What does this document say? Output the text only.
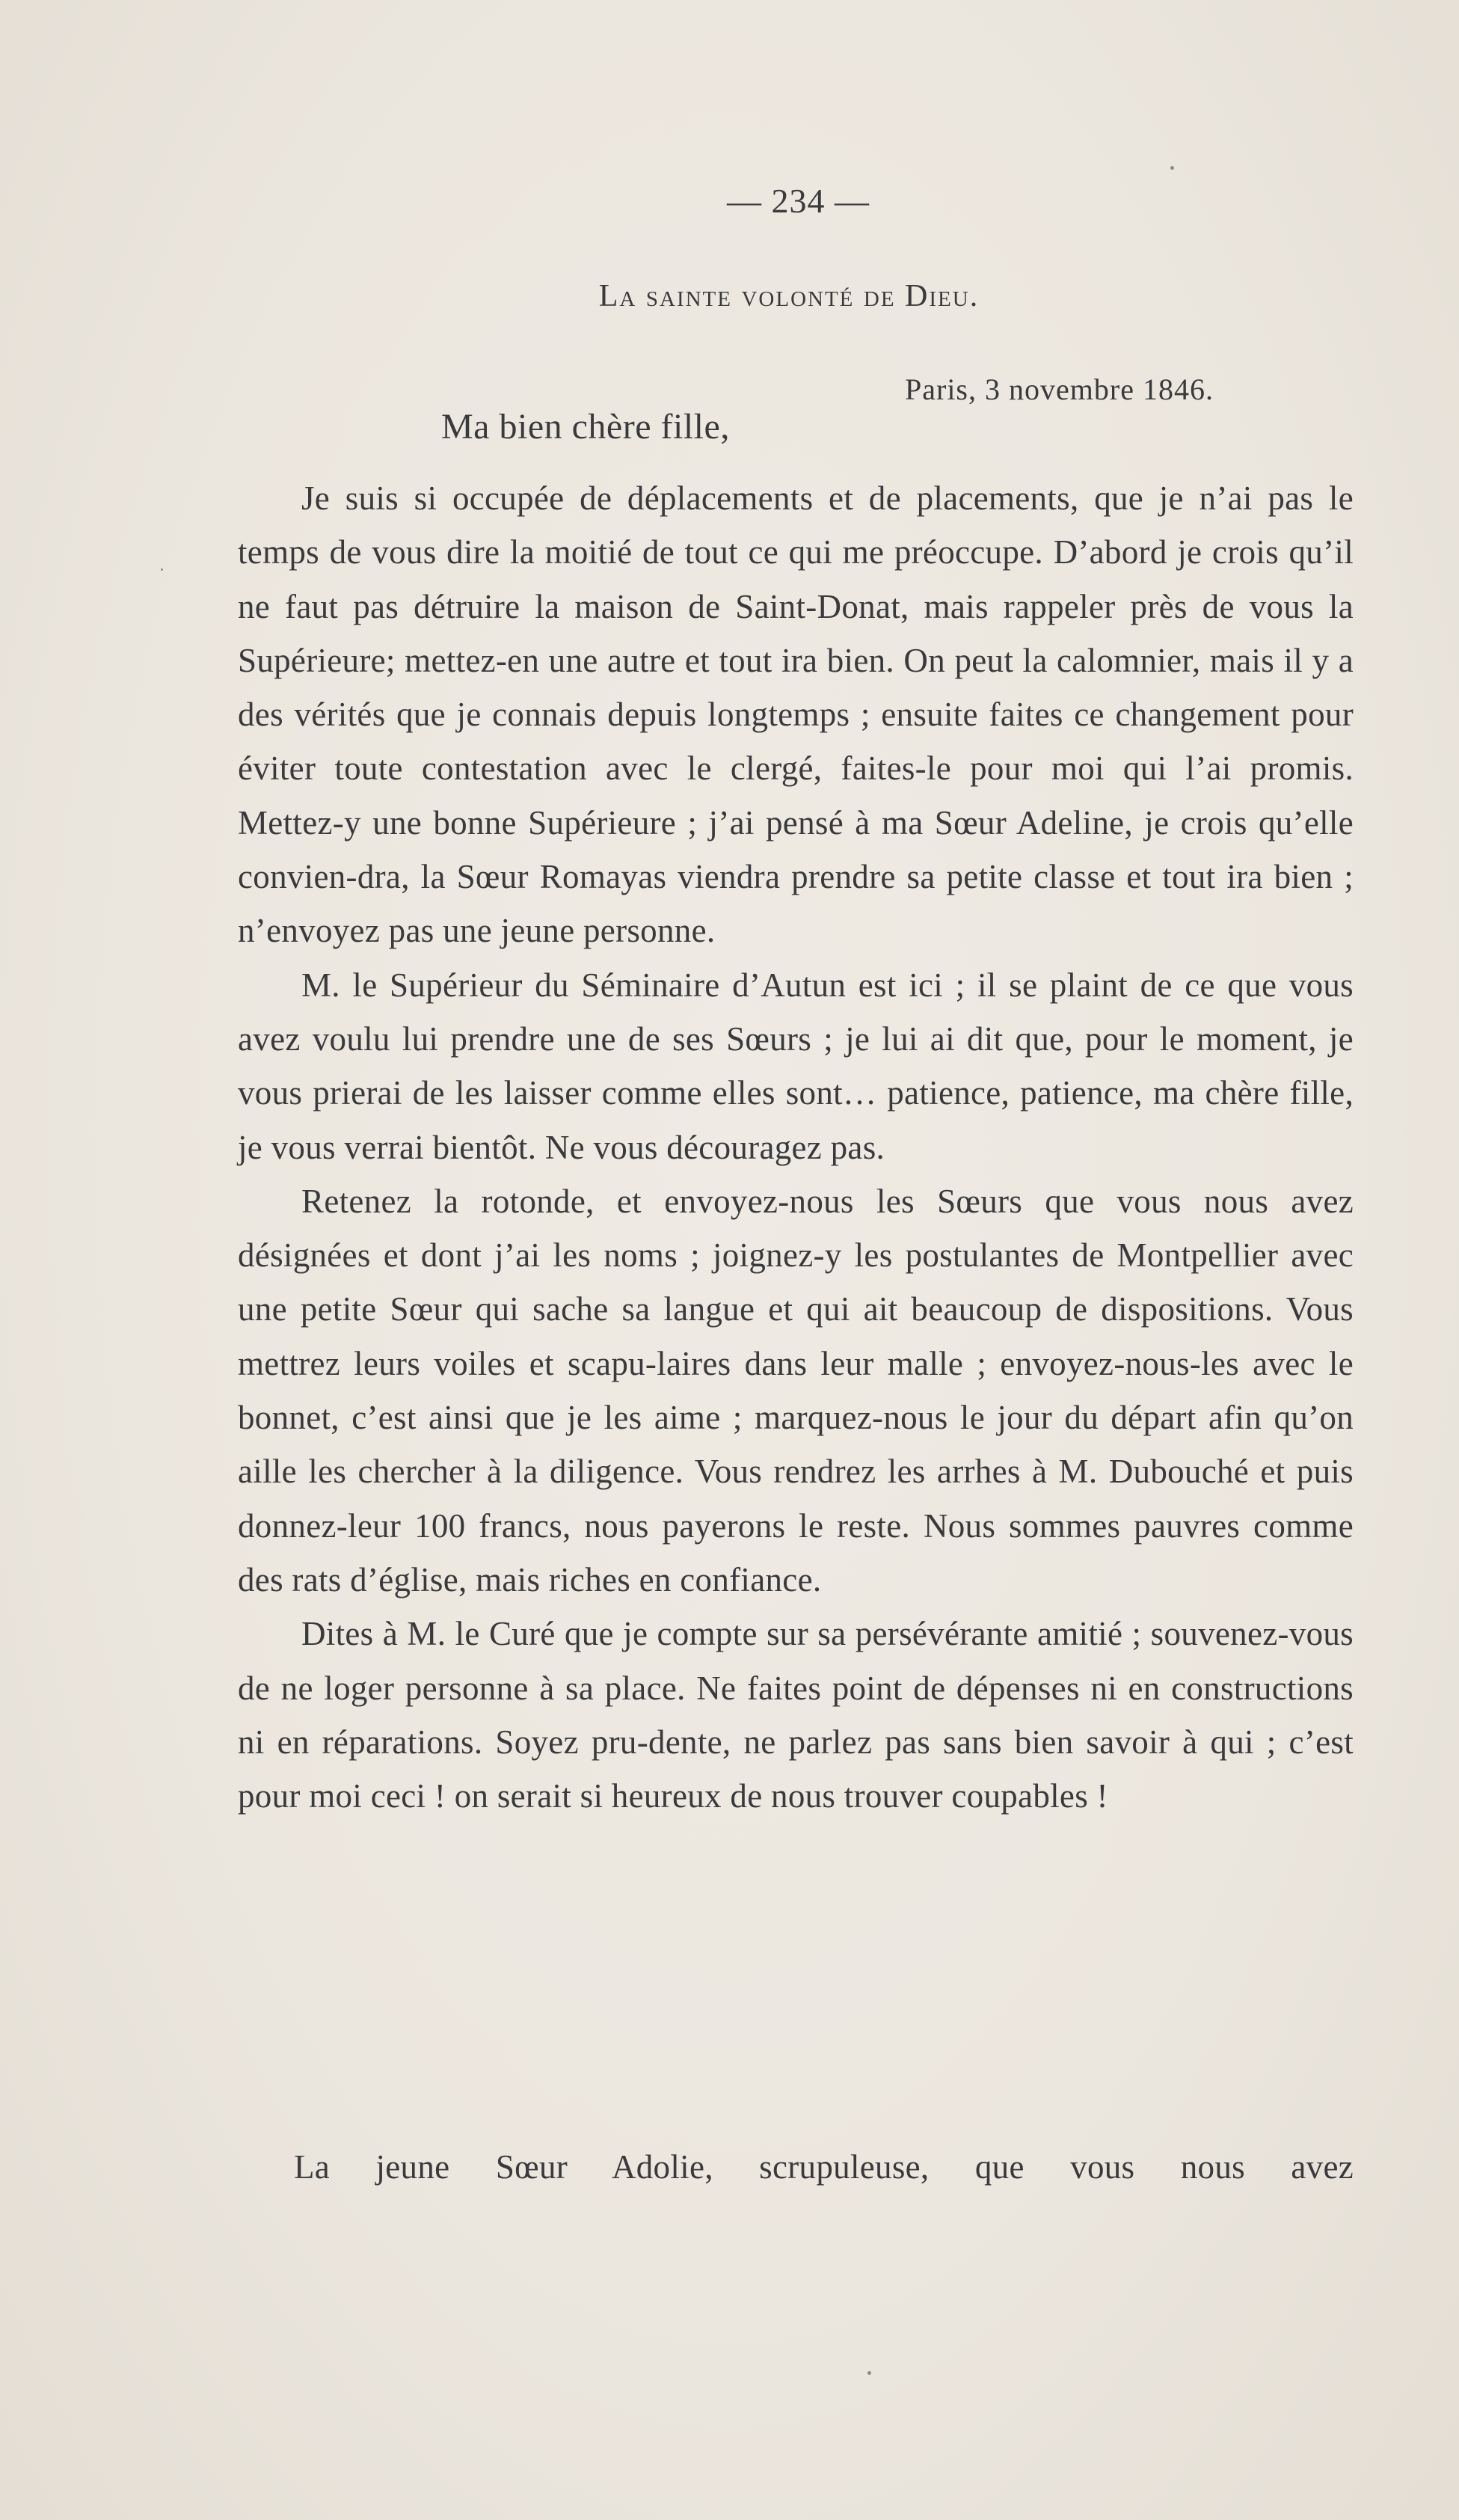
— 234 —
La sainte volonté de Dieu.
Paris, 3 novembre 1846.
Ma bien chère fille,

Je suis si occupée de déplacements et de placements, que je n’ai pas le temps de vous dire la moitié de tout ce qui me préoccupe. D’abord je crois qu’il ne faut pas détruire la maison de Saint-Donat, mais rappeler près de vous la Supérieure; mettez-en une autre et tout ira bien. On peut la calomnier, mais il y a des vérités que je connais depuis longtemps ; ensuite faites ce changement pour éviter toute contestation avec le clergé, faites-le pour moi qui l’ai promis. Mettez-y une bonne Supérieure ; j’ai pensé à ma Sœur Adeline, je crois qu’elle convien-dra, la Sœur Romayas viendra prendre sa petite classe et tout ira bien ; n’envoyez pas une jeune personne.

M. le Supérieur du Séminaire d’Autun est ici ; il se plaint de ce que vous avez voulu lui prendre une de ses Sœurs ; je lui ai dit que, pour le moment, je vous prierai de les laisser comme elles sont… patience, patience, ma chère fille, je vous verrai bientôt. Ne vous découragez pas.

Retenez la rotonde, et envoyez-nous les Sœurs que vous nous avez désignées et dont j’ai les noms ; joignez-y les postulantes de Montpellier avec une petite Sœur qui sache sa langue et qui ait beaucoup de dispositions. Vous mettrez leurs voiles et scapu-laires dans leur malle ; envoyez-nous-les avec le bonnet, c’est ainsi que je les aime ; marquez-nous le jour du départ afin qu’on aille les chercher à la diligence. Vous rendrez les arrhes à M. Dubouché et puis donnez-leur 100 francs, nous payerons le reste. Nous sommes pauvres comme des rats d’église, mais riches en confiance.

Dites à M. le Curé que je compte sur sa persévérante amitié ; souvenez-vous de ne loger personne à sa place. Ne faites point de dépenses ni en constructions ni en réparations. Soyez pru-dente, ne parlez pas sans bien savoir à qui ; c’est pour moi ceci ! on serait si heureux de nous trouver coupables !

La jeune Sœur Adolie, scrupuleuse, que vous nous avez
